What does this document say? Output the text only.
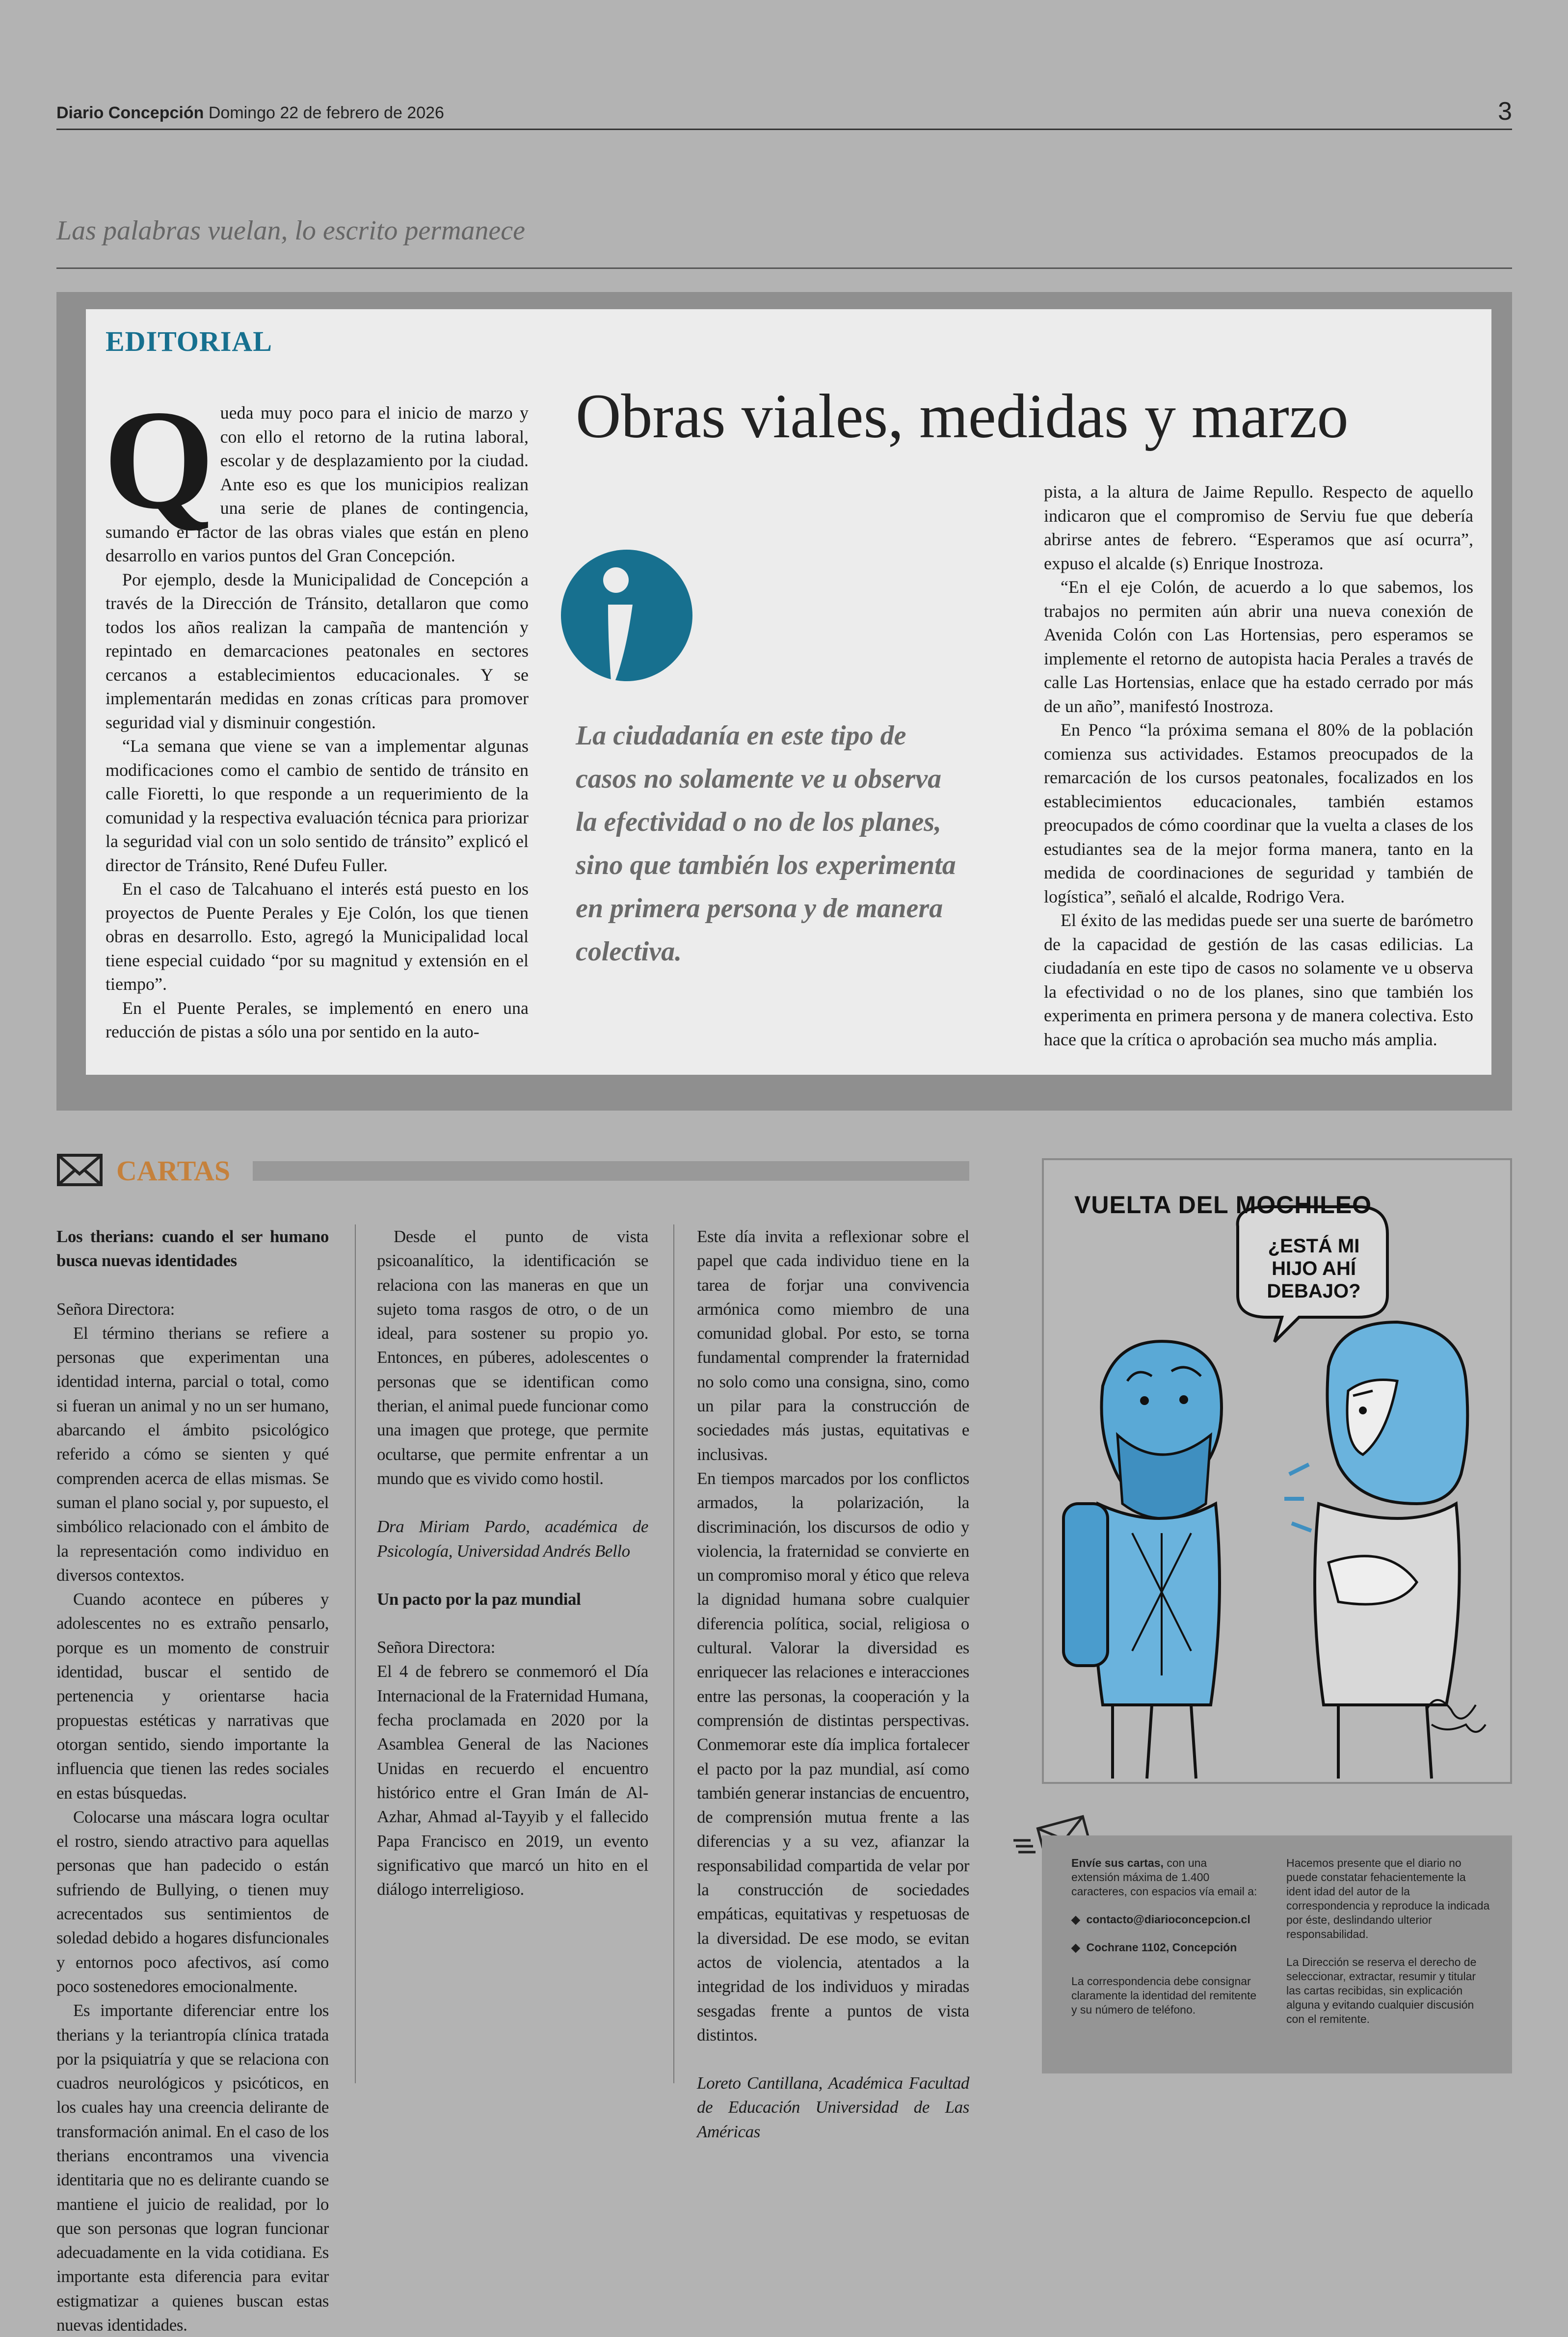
Diario Concepción Domingo 22 de febrero de 2026	3
Las palabras vuelan, lo escrito permanece
EDITORIAL
Q ueda muy poco para el inicio de marzo y con ello el retorno de la rutina laboral, escolar y de desplazamiento por la ciudad. Ante eso es que los municipios realizan una serie de planes de contingencia, sumando el factor de las obras viales que están en pleno desarrollo en varios puntos del Gran Concepción.

Por ejemplo, desde la Municipalidad de Concepción a través de la Dirección de Tránsito, detallaron que como todos los años realizan la campaña de mantención y repintado en demarcaciones peatonales en sectores cercanos a establecimientos educacionales. Y se implementarán medidas en zonas críticas para promover seguridad vial y disminuir congestión.

“La semana que viene se van a implementar algunas modificaciones como el cambio de sentido de tránsito en calle Fioretti, lo que responde a un requerimiento de la comunidad y la respectiva evaluación técnica para priorizar la seguridad vial con un solo sentido de tránsito” explicó el director de Tránsito, René Dufeu Fuller.

En el caso de Talcahuano el interés está puesto en los proyectos de Puente Perales y Eje Colón, los que tienen obras en desarrollo. Esto, agregó la Municipalidad local tiene especial cuidado “por su magnitud y extensión en el tiempo”.

En el Puente Perales, se implementó en enero una reducción de pistas a sólo una por sentido en la auto-

Obras viales, medidas y marzo
La ciudadanía en este tipo de casos no solamente ve u observa la efectividad o no de los planes, sino que también los experimenta en primera persona y de manera colectiva.

pista, a la altura de Jaime Repullo. Respecto de aquello indicaron que el compromiso de Serviu fue que debería abrirse antes de febrero. “Esperamos que así ocurra”, expuso el alcalde (s) Enrique Inostroza.

“En el eje Colón, de acuerdo a lo que sabemos, los trabajos no permiten aún abrir una nueva conexión de Avenida Colón con Las Hortensias, pero esperamos se implemente el retorno de autopista hacia Perales a través de calle Las Hortensias, enlace que ha estado cerrado por más de un año”, manifestó Inostroza.

En Penco “la próxima semana el 80% de la población comienza sus actividades. Estamos preocupados de la remarcación de los cursos peatonales, focalizados en los establecimientos educacionales, también estamos preocupados de cómo coordinar que la vuelta a clases de los estudiantes sea de la mejor forma manera, tanto en la medida de coordinaciones de seguridad y también de logística”, señaló el alcalde, Rodrigo Vera.

El éxito de las medidas puede ser una suerte de barómetro de la capacidad de gestión de las casas edilicias. La ciudadanía en este tipo de casos no solamente ve u observa la efectividad o no de los planes, sino que también los experimenta en primera persona y de manera colectiva. Esto hace que la crítica o aprobación sea mucho más amplia.

CARTAS

Los therians: cuando el ser humano busca nuevas identidades

Señora Directora:

El término therians se refiere a personas que experimentan una identidad interna, parcial o total, como si fueran un animal y no un ser humano, abarcando el ámbito psicológico referido a cómo se sienten y qué comprenden acerca de ellas mismas. Se suman el plano social y, por supuesto, el simbólico relacionado con el ámbito de la representación como individuo en diversos contextos.

Cuando acontece en púberes y adolescentes no es extraño pensarlo, porque es un momento de construir identidad, buscar el sentido de pertenencia y orientarse hacia propuestas estéticas y narrativas que otorgan sentido, siendo importante la influencia que tienen las redes sociales en estas búsquedas.

Colocarse una máscara logra ocultar el rostro, siendo atractivo para aquellas personas que han padecido o están sufriendo de Bullying, o tienen muy acrecentados sus sentimientos de soledad debido a hogares disfuncionales y entornos poco afectivos, así como poco sostenedores emocionalmente.

Es importante diferenciar entre los therians y la teriantropía clínica tratada por la psiquiatría y que se relaciona con cuadros neurológicos y psicóticos, en los cuales hay una creencia delirante de transformación animal. En el caso de los therians encontramos una vivencia identitaria que no es delirante cuando se mantiene el juicio de realidad, por lo que son personas que logran funcionar adecuadamente en la vida cotidiana. Es importante esta diferencia para evitar estigmatizar a quienes buscan estas nuevas identidades.

Desde el punto de vista psicoanalítico, la identificación se relaciona con las maneras en que un sujeto toma rasgos de otro, o de un ideal, para sostener su propio yo. Entonces, en púberes, adolescentes o personas que se identifican como therian, el animal puede funcionar como una imagen que protege, que permite ocultarse, que permite enfrentar a un mundo que es vivido como hostil.

Dra Miriam Pardo, académica de Psicología, Universidad Andrés Bello

Un pacto por la paz mundial

Señora Directora:

El 4 de febrero se conmemoró el Día Internacional de la Fraternidad Humana, fecha proclamada en 2020 por la Asamblea General de las Naciones Unidas en recuerdo el encuentro histórico entre el Gran Imán de Al-Azhar, Ahmad al-Tayyib y el fallecido Papa Francisco en 2019, un evento significativo que marcó un hito en el diálogo interreligioso.

Este día invita a reflexionar sobre el papel que cada individuo tiene en la tarea de forjar una convivencia armónica como miembro de una comunidad global. Por esto, se torna fundamental comprender la fraternidad no solo como una consigna, sino, como un pilar para la construcción de sociedades más justas, equitativas e inclusivas.

En tiempos marcados por los conflictos armados, la polarización, la discriminación, los discursos de odio y violencia, la fraternidad se convierte en un compromiso moral y ético que releva la dignidad humana sobre cualquier diferencia política, social, religiosa o cultural. Valorar la diversidad es enriquecer las relaciones e interacciones entre las personas, la cooperación y la comprensión de distintas perspectivas. Conmemorar este día implica fortalecer el pacto por la paz mundial, así como también generar instancias de encuentro, de comprensión mutua frente a las diferencias y a su vez, afianzar la responsabilidad compartida de velar por la construcción de sociedades empáticas, equitativas y respetuosas de la diversidad. De ese modo, se evitan actos de violencia, atentados a la integridad de los individuos y miradas sesgadas frente a puntos de vista distintos.

Loreto Cantillana, Académica Facultad de Educación Universidad de Las Américas

VUELTA DEL MOCHILEO
¿ESTÁ MI HIJO AHÍ DEBAJO?

Envíe sus cartas, con una extensión máxima de 1.400 caracteres, con espacios vía email a:

◆  contacto@diarioconcepcion.cl

◆  Cochrane 1102, Concepción

La correspondencia debe consignar claramente la identidad del remitente y su número de teléfono.

Hacemos presente que el diario no puede constatar fehacientemente la ident idad del autor de la correspondencia y reproduce la indicada por éste, deslindando ulterior responsabilidad.

La Dirección se reserva el derecho de seleccionar, extractar, resumir y titular las cartas recibidas, sin explicación alguna y evitando cualquier discusión con el remitente.
